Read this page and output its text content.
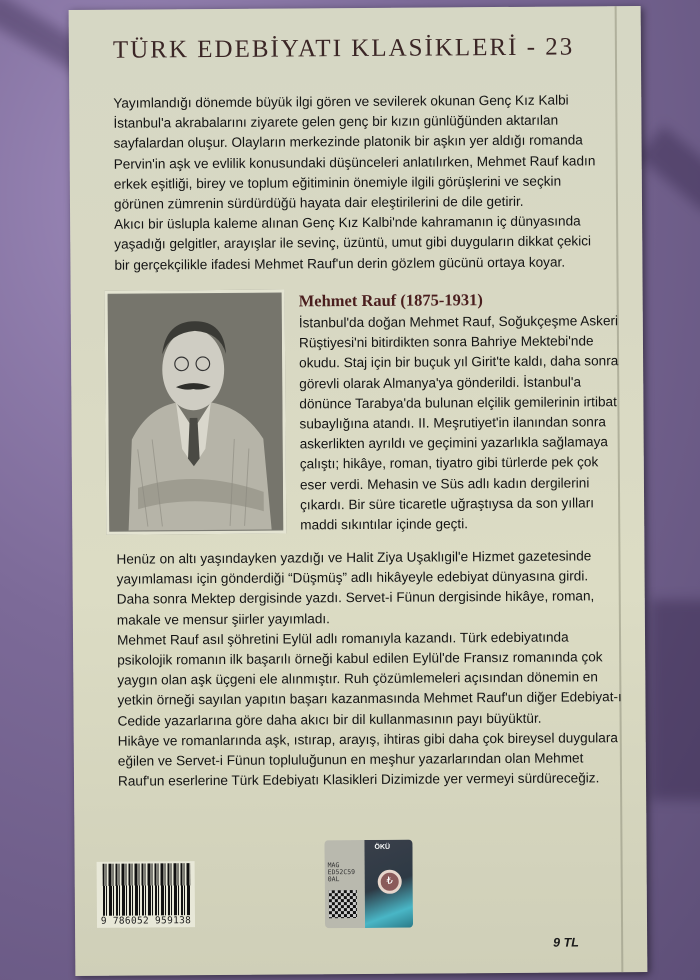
TÜRK EDEBİYATI KLASİKLERİ - 23

Yayımlandığı dönemde büyük ilgi gören ve sevilerek okunan Genç Kız Kalbi İstanbul'a akrabalarını ziyarete gelen genç bir kızın günlüğünden aktarılan sayfalardan oluşur. Olayların merkezinde platonik bir aşkın yer aldığı romanda Pervin'in aşk ve evlilik konusundaki düşünceleri anlatılırken, Mehmet Rauf kadın erkek eşitliği, birey ve toplum eğitiminin önemiyle ilgili görüşlerini ve seçkin görünen zümrenin sürdürdüğü hayata dair eleştirilerini de dile getirir.

Akıcı bir üslupla kaleme alınan Genç Kız Kalbi'nde kahramanın iç dünyasında yaşadığı gelgitler, arayışlar ile sevinç, üzüntü, umut gibi duyguların dikkat çekici bir gerçekçilikle ifadesi Mehmet Rauf'un derin gözlem gücünü ortaya koyar.

Mehmet Rauf (1875-1931)

İstanbul'da doğan Mehmet Rauf, Soğukçeşme Askeri Rüştiyesi'ni bitirdikten sonra Bahriye Mektebi'nde okudu. Staj için bir buçuk yıl Girit'te kaldı, daha sonra görevli olarak Almanya'ya gönderildi. İstanbul'a dönünce Tarabya'da bulunan elçilik gemilerinin irtibat subaylığına atandı. II. Meşrutiyet'in ilanından sonra askerlikten ayrıldı ve geçimini yazarlıkla sağlamaya çalıştı; hikâye, roman, tiyatro gibi türlerde pek çok eser verdi. Mehasin ve Süs adlı kadın dergilerini çıkardı. Bir süre ticaretle uğraştıysa da son yılları maddi sıkıntılar içinde geçti.

Henüz on altı yaşındayken yazdığı ve Halit Ziya Uşaklıgil'e Hizmet gazetesinde yayımlaması için gönderdiği “Düşmüş” adlı hikâyeyle edebiyat dünyasına girdi. Daha sonra Mektep dergisinde yazdı. Servet-i Fünun dergisinde hikâye, roman, makale ve mensur şiirler yayımladı.

Mehmet Rauf asıl şöhretini Eylül adlı romanıyla kazandı. Türk edebiyatında psikolojik romanın ilk başarılı örneği kabul edilen Eylül'de Fransız romanında çok yaygın olan aşk üçgeni ele alınmıştır. Ruh çözümlemeleri açısından dönemin en yetkin örneği sayılan yapıtın başarı kazanmasında Mehmet Rauf'un diğer Edebiyat-ı Cedide yazarlarına göre daha akıcı bir dil kullanmasının payı büyüktür.

Hikâye ve romanlarında aşk, ıstırap, arayış, ihtiras gibi daha çok bireysel duygulara eğilen ve Servet-i Fünun topluluğunun en meşhur yazarlarından olan Mehmet Rauf'un eserlerine Türk Edebiyatı Klasikleri Dizimizde yer vermeyi sürdüreceğiz.

9 786052 959138
MAG
ED52C59
0AL
ÖKÜ
₺
9 TL
